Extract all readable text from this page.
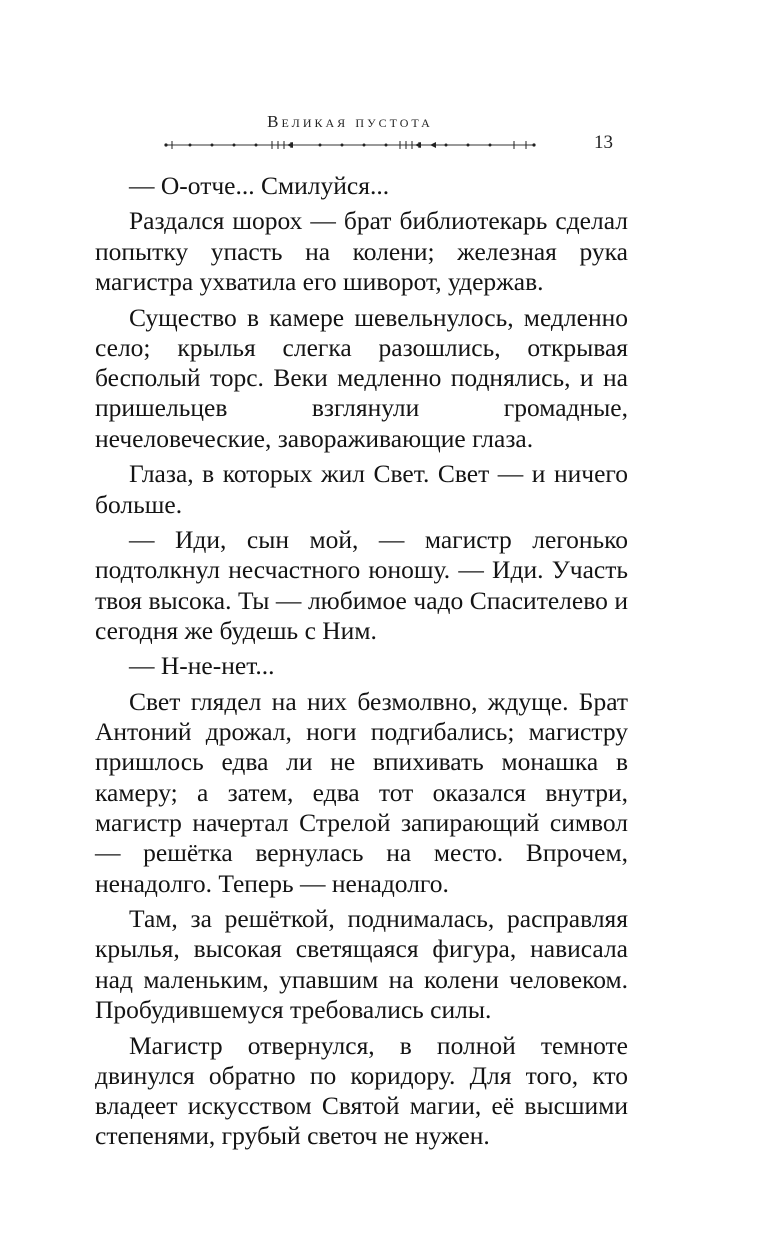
Великая пустота
13

— О-отче... Смилуйся...

Раздался шорох — брат библиотекарь сделал попытку упасть на колени; железная рука магистра ухватила его шиворот, удержав.

Существо в камере шевельнулось, медленно село; крылья слегка разошлись, открывая бесполый торс. Веки медленно поднялись, и на пришельцев взглянули громадные, нечеловеческие, завораживающие глаза.

Глаза, в которых жил Свет. Свет — и ничего больше.

— Иди, сын мой, — магистр легонько подтолкнул несчастного юношу. — Иди. Участь твоя высока. Ты — любимое чадо Спасителево и сегодня же будешь с Ним.

— Н-не-нет...

Свет глядел на них безмолвно, ждуще. Брат Антоний дрожал, ноги подгибались; магистру пришлось едва ли не впихивать монашка в камеру; а затем, едва тот оказался внутри, магистр начертал Стрелой запирающий символ — решётка вернулась на место. Впрочем, ненадолго. Теперь — ненадолго.

Там, за решёткой, поднималась, расправляя крылья, высокая светящаяся фигура, нависала над маленьким, упавшим на колени человеком. Пробудившемуся требовались силы.

Магистр отвернулся, в полной темноте двинулся обратно по коридору. Для того, кто владеет искусством Святой магии, её высшими степенями, грубый светоч не нужен.
